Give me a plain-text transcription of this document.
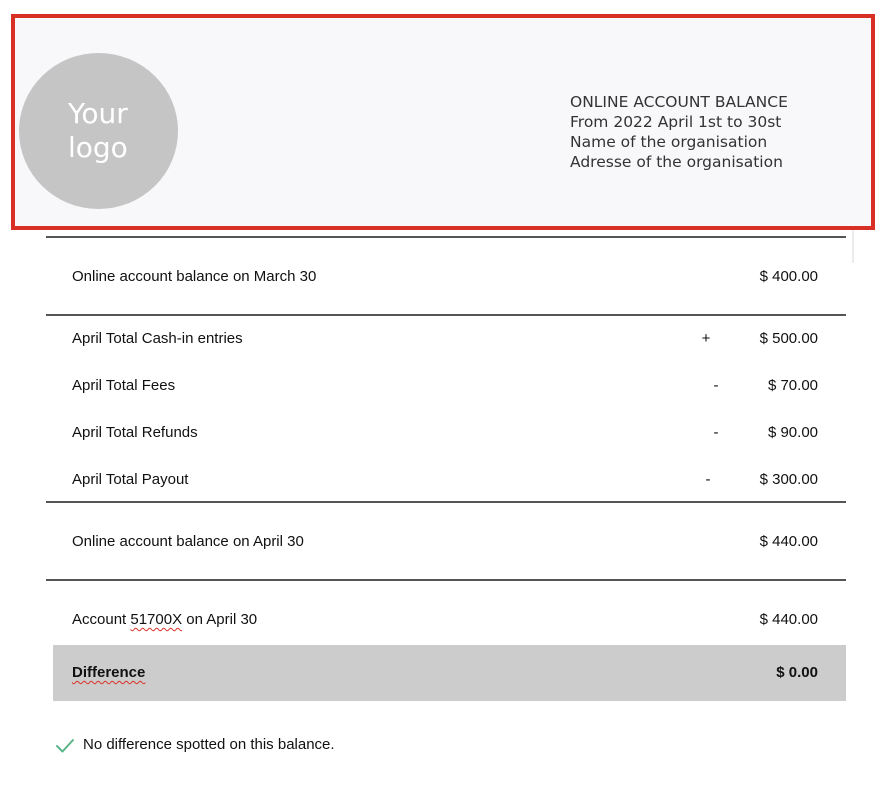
Your
logo
ONLINE ACCOUNT BALANCE
From 2022 April 1st to 30st
Name of the organisation
Adresse of the organisation
Online account balance on March 30	$ 400.00
April Total Cash-in entries	+	$ 500.00
April Total Fees	-	$ 70.00
April Total Refunds	-	$ 90.00
April Total Payout	-	$ 300.00
Online account balance on April 30	$ 440.00
Account 51700X on April 30	$ 440.00
Difference	$ 0.00
No difference spotted on this balance.
